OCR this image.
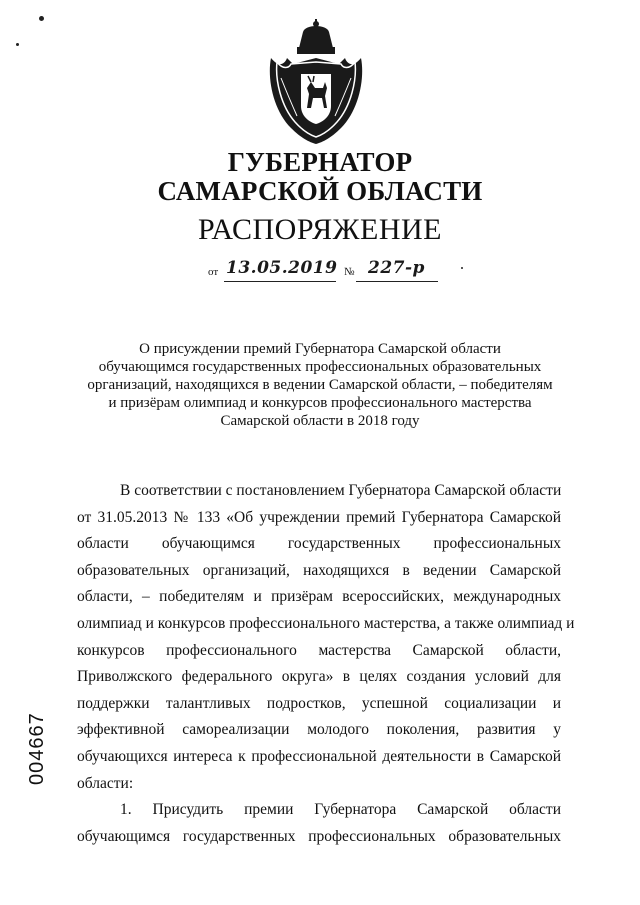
ГУБЕРНАТОР
САМАРСКОЙ ОБЛАСТИ
РАСПОРЯЖЕНИЕ
от 13.05.2019 № 227-р
О присуждении премий Губернатора Самарской области
обучающимся государственных профессиональных образовательных
организаций, находящихся в ведении Самарской области, – победителям
и призёрам олимпиад и конкурсов профессионального мастерства
Самарской области в 2018 году
В соответствии с постановлением Губернатора Самарской области
от 31.05.2013 № 133 «Об учреждении премий Губернатора Самарской
области обучающимся государственных профессиональных
образовательных организаций, находящихся в ведении Самарской
области, – победителям и призёрам всероссийских, международных
олимпиад и конкурсов профессионального мастерства, а также олимпиад и
конкурсов профессионального мастерства Самарской области,
Приволжского федерального округа» в целях создания условий для
поддержки талантливых подростков, успешной социализации и
эффективной самореализации молодого поколения, развития у
обучающихся интереса к профессиональной деятельности в Самарской
области:
1. Присудить премии Губернатора Самарской области
обучающимся государственных профессиональных образовательных
004667
